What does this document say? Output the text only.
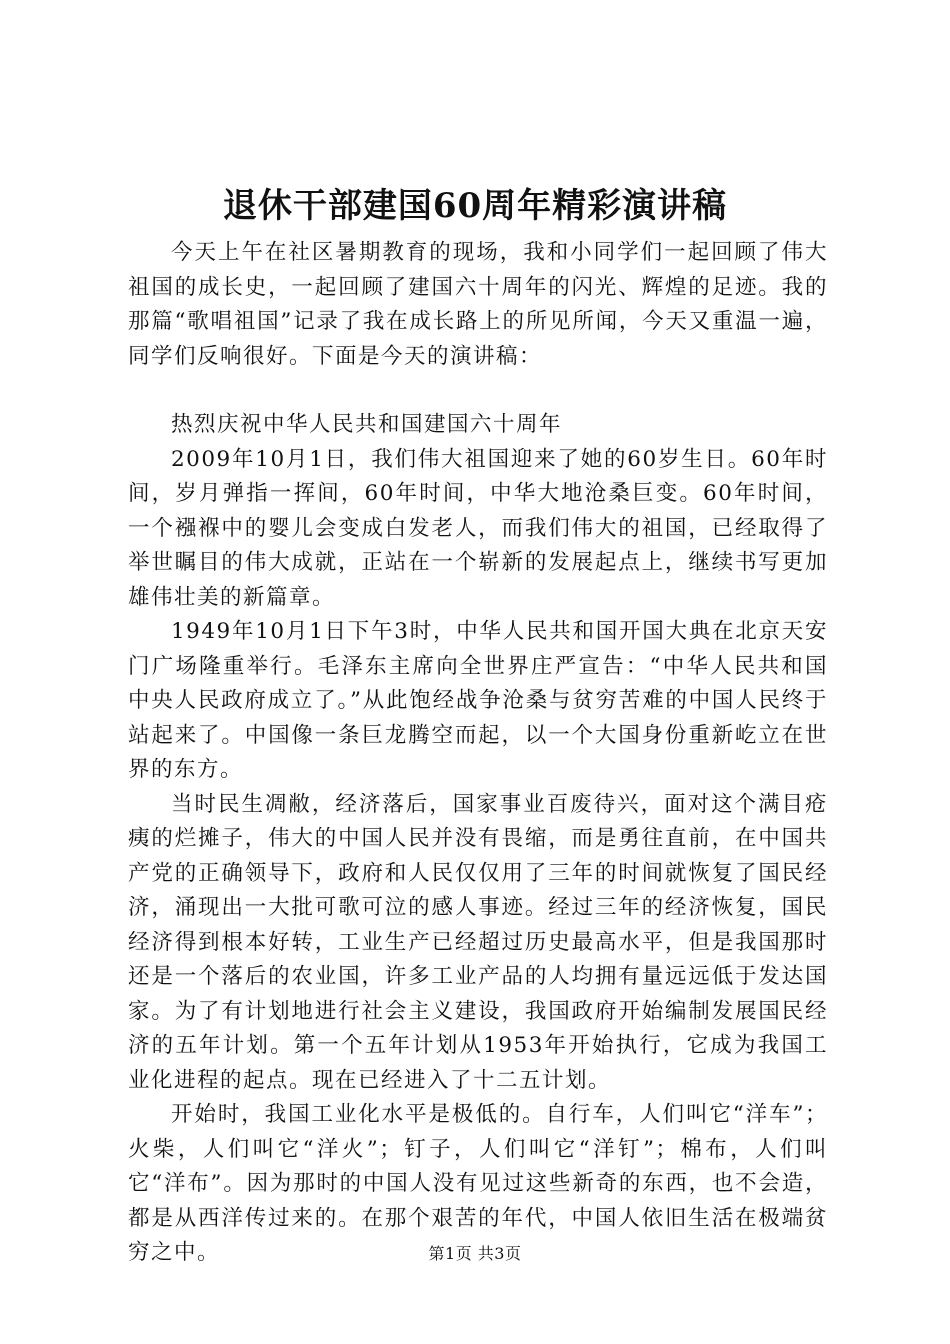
退休干部建国60周年精彩演讲稿

今天上午在社区暑期教育的现场，我和小同学们一起回顾了伟大祖国的成长史，一起回顾了建国六十周年的闪光、辉煌的足迹。我的那篇“歌唱祖国”记录了我在成长路上的所见所闻，今天又重温一遍，同学们反响很好。下面是今天的演讲稿：

热烈庆祝中华人民共和国建国六十周年

2009年10月1日，我们伟大祖国迎来了她的60岁生日。60年时间，岁月弹指一挥间，60年时间，中华大地沧桑巨变。60年时间，一个襁褓中的婴儿会变成白发老人，而我们伟大的祖国，已经取得了举世瞩目的伟大成就，正站在一个崭新的发展起点上，继续书写更加雄伟壮美的新篇章。

1949年10月1日下午3时，中华人民共和国开国大典在北京天安门广场隆重举行。毛泽东主席向全世界庄严宣告：“中华人民共和国中央人民政府成立了。”从此饱经战争沧桑与贫穷苦难的中国人民终于站起来了。中国像一条巨龙腾空而起，以一个大国身份重新屹立在世界的东方。

当时民生凋敝，经济落后，国家事业百废待兴，面对这个满目疮痍的烂摊子，伟大的中国人民并没有畏缩，而是勇往直前，在中国共产党的正确领导下，政府和人民仅仅用了三年的时间就恢复了国民经济，涌现出一大批可歌可泣的感人事迹。经过三年的经济恢复，国民经济得到根本好转，工业生产已经超过历史最高水平，但是我国那时还是一个落后的农业国，许多工业产品的人均拥有量远远低于发达国家。为了有计划地进行社会主义建设，我国政府开始编制发展国民经济的五年计划。第一个五年计划从1953年开始执行，它成为我国工业化进程的起点。现在已经进入了十二五计划。

开始时，我国工业化水平是极低的。自行车，人们叫它“洋车”；火柴，人们叫它“洋火”；钉子，人们叫它“洋钉”；棉布，人们叫它“洋布”。因为那时的中国人没有见过这些新奇的东西，也不会造，都是从西洋传过来的。在那个艰苦的年代，中国人依旧生活在极端贫穷之中。	第1页 共3页
